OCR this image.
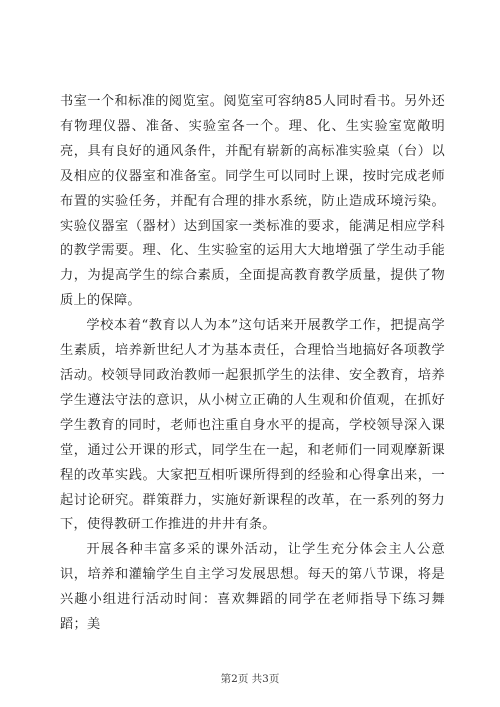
书室一个和标准的阅览室。阅览室可容纳85人同时看书。另外还有物理仪器、准备、实验室各一个。理、化、生实验室宽敞明亮，具有良好的通风条件，并配有崭新的高标准实验桌（台）以及相应的仪器室和准备室。同学生可以同时上课，按时完成老师布置的实验任务，并配有合理的排水系统，防止造成环境污染。实验仪器室（器材）达到国家一类标准的要求，能满足相应学科的教学需要。理、化、生实验室的运用大大地增强了学生动手能力，为提高学生的综合素质，全面提高教育教学质量，提供了物质上的保障。

学校本着“教育以人为本”这句话来开展教学工作，把提高学生素质，培养新世纪人才为基本责任，合理恰当地搞好各项教学活动。校领导同政治教师一起狠抓学生的法律、安全教育，培养学生遵法守法的意识，从小树立正确的人生观和价值观，在抓好学生教育的同时，老师也注重自身水平的提高，学校领导深入课堂，通过公开课的形式，同学生在一起，和老师们一同观摩新课程的改革实践。大家把互相听课所得到的经验和心得拿出来，一起讨论研究。群策群力，实施好新课程的改革，在一系列的努力下，使得教研工作推进的井井有条。

开展各种丰富多采的课外活动，让学生充分体会主人公意识，培养和灌输学生自主学习发展思想。每天的第八节课，将是兴趣小组进行活动时间：喜欢舞蹈的同学在老师指导下练习舞蹈；美

第2页 共3页
